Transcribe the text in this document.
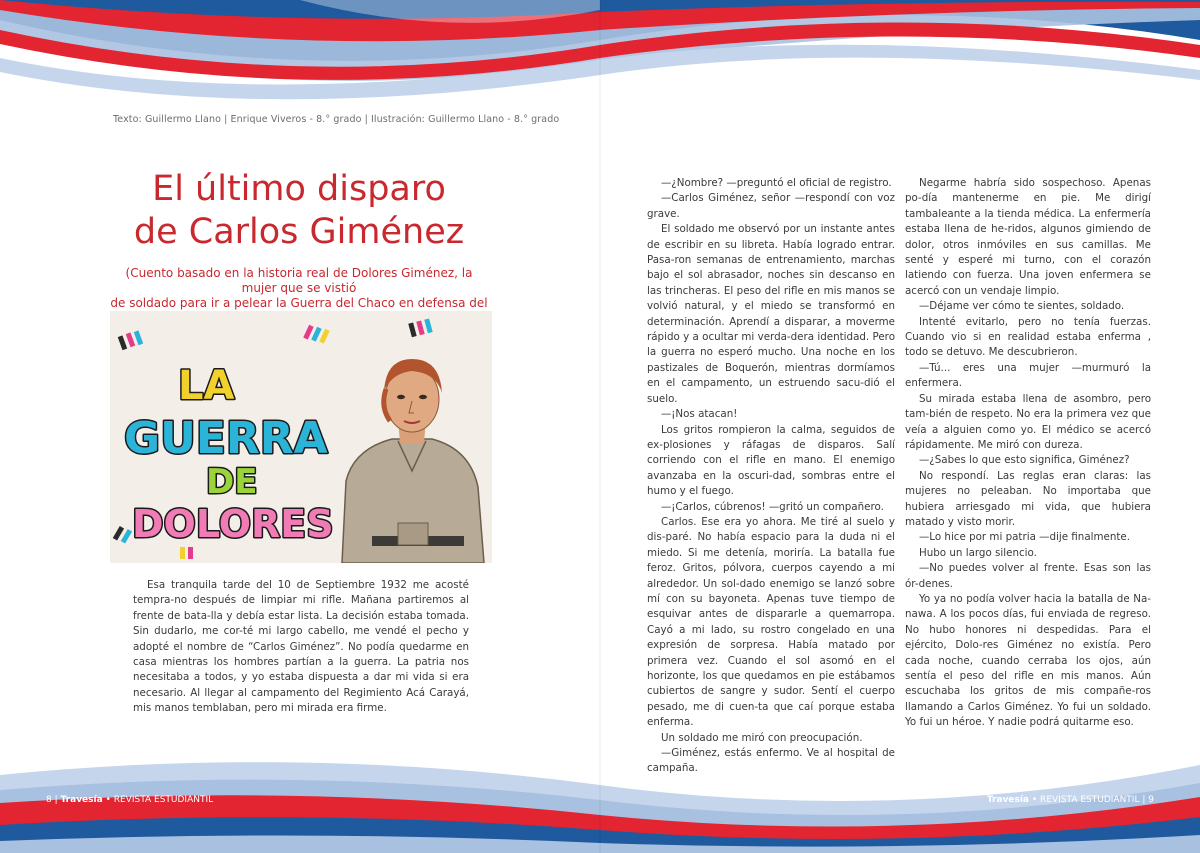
Texto: Guillermo Llano | Enrique Viveros - 8.° grado | Ilustración: Guillermo Llano - 8.° grado
El último disparo
de Carlos Giménez
(Cuento basado en la historia real de Dolores Giménez, la mujer que se vistió
de soldado para ir a pelear la Guerra del Chaco en defensa del
LA
GUERRA
DE
DOLORES

Esa tranquila tarde del 10 de Septiembre 1932 me acosté tempra-no después de limpiar mi rifle. Mañana partiremos al frente de bata-lla y debía estar lista. La decisión estaba tomada. Sin dudarlo, me cor-té mi largo cabello, me vendé el pecho y adopté el nombre de “Carlos Giménez”. No podía quedarme en casa mientras los hombres partían a la guerra. La patria nos necesitaba a todos, y yo estaba dispuesta a dar mi vida si era necesario. Al llegar al campamento del Regimiento Acá Carayá, mis manos temblaban, pero mi mirada era firme.

—¿Nombre? —preguntó el oficial de registro.

—Carlos Giménez, señor —respondí con voz grave.

El soldado me observó por un instante antes de escribir en su libreta. Había logrado entrar. Pasa-ron semanas de entrenamiento, marchas bajo el sol abrasador, noches sin descanso en las trincheras. El peso del rifle en mis manos se volvió natural, y el miedo se transformó en determinación. Aprendí a disparar, a moverme rápido y a ocultar mi verda-dera identidad. Pero la guerra no esperó mucho. Una noche en los pastizales de Boquerón, mientras dormíamos en el campamento, un estruendo sacu-dió el suelo.

—¡Nos atacan!

Los gritos rompieron la calma, seguidos de ex-plosiones y ráfagas de disparos. Salí corriendo con el rifle en mano. El enemigo avanzaba en la oscuri-dad, sombras entre el humo y el fuego.

—¡Carlos, cúbrenos! —gritó un compañero.

Carlos. Ese era yo ahora. Me tiré al suelo y dis-paré. No había espacio para la duda ni el miedo. Si me detenía, moriría. La batalla fue feroz. Gritos, pólvora, cuerpos cayendo a mi alrededor. Un sol-dado enemigo se lanzó sobre mí con su bayoneta. Apenas tuve tiempo de esquivar antes de dispararle a quemarropa. Cayó a mi lado, su rostro congelado en una expresión de sorpresa. Había matado por primera vez. Cuando el sol asomó en el horizonte, los que quedamos en pie estábamos cubiertos de sangre y sudor. Sentí el cuerpo pesado, me di cuen-ta que caí porque estaba enferma.

Un soldado me miró con preocupación.

—Giménez, estás enfermo. Ve al hospital de campaña.

Negarme habría sido sospechoso. Apenas po-día mantenerme en pie. Me dirigí tambaleante a la tienda médica. La enfermería estaba llena de he-ridos, algunos gimiendo de dolor, otros inmóviles en sus camillas. Me senté y esperé mi turno, con el corazón latiendo con fuerza. Una joven enfermera se acercó con un vendaje limpio.

—Déjame ver cómo te sientes, soldado.

Intenté evitarlo, pero no tenía fuerzas. Cuando vio si en realidad estaba enferma , todo se detuvo. Me descubrieron.

—Tú... eres una mujer —murmuró la enfermera.

Su mirada estaba llena de asombro, pero tam-bién de respeto. No era la primera vez que veía a alguien como yo. El médico se acercó rápidamente. Me miró con dureza.

—¿Sabes lo que esto significa, Giménez?

No respondí. Las reglas eran claras: las mujeres no peleaban. No importaba que hubiera arriesgado mi vida, que hubiera matado y visto morir.

—Lo hice por mi patria —dije finalmente.

Hubo un largo silencio.

—No puedes volver al frente. Esas son las ór-denes.

Yo ya no podía volver hacia la batalla de Na-nawa. A los pocos días, fui enviada de regreso. No hubo honores ni despedidas. Para el ejército, Dolo-res Giménez no existía. Pero cada noche, cuando cerraba los ojos, aún sentía el peso del rifle en mis manos. Aún escuchaba los gritos de mis compañe-ros llamando a Carlos Giménez. Yo fui un soldado. Yo fui un héroe. Y nadie podrá quitarme eso.

8 | Travesía • REVISTA ESTUDIANTIL	Travesía • REVISTA ESTUDIANTIL | 9
